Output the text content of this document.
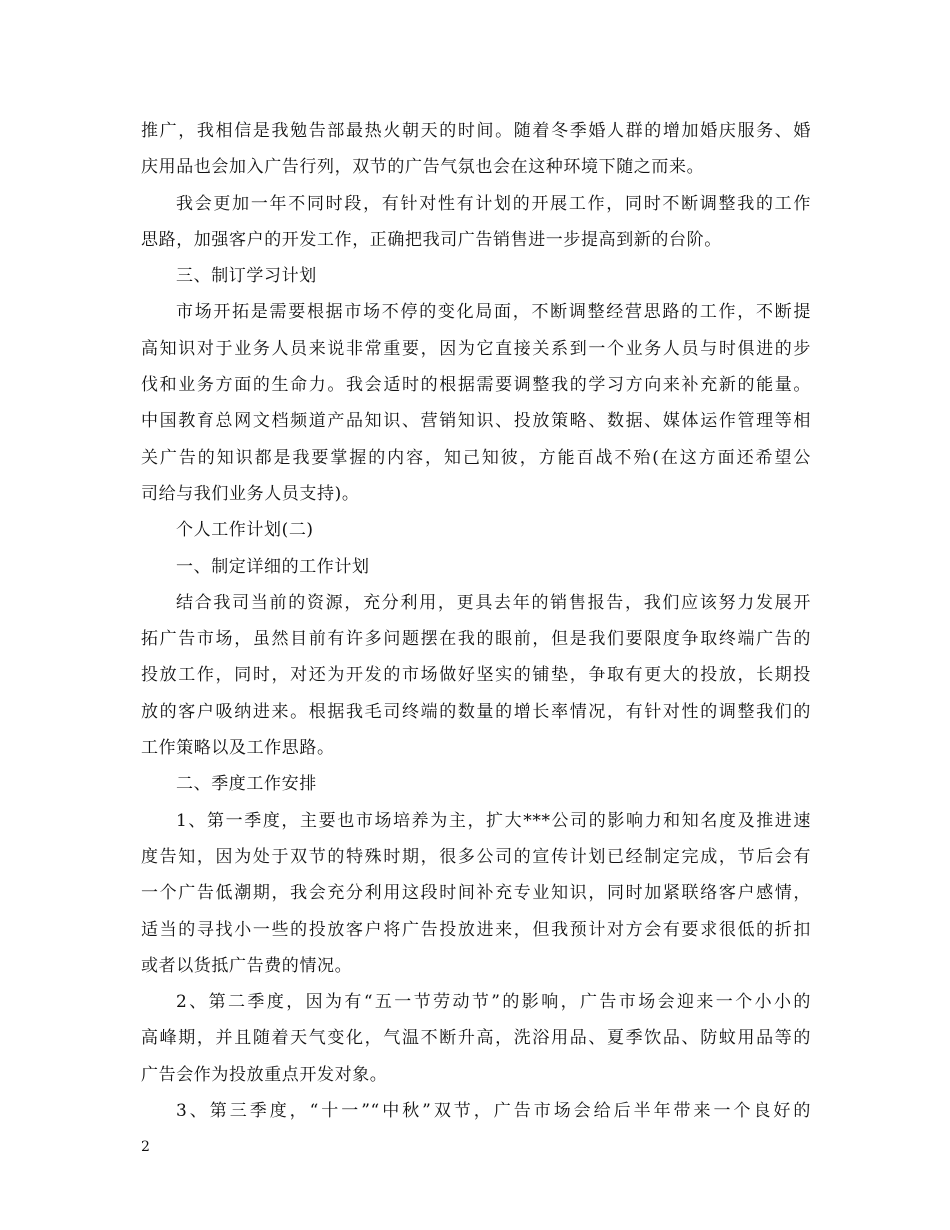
推广，我相信是我勉告部最热火朝天的时间。随着冬季婚人群的增加婚庆服务、婚
庆用品也会加入广告行列，双节的广告气氛也会在这种环境下随之而来。
我会更加一年不同时段，有针对性有计划的开展工作，同时不断调整我的工作
思路，加强客户的开发工作，正确把我司广告销售进一步提高到新的台阶。
三、制订学习计划
市场开拓是需要根据市场不停的变化局面，不断调整经营思路的工作，不断提
高知识对于业务人员来说非常重要，因为它直接关系到一个业务人员与时俱进的步
伐和业务方面的生命力。我会适时的根据需要调整我的学习方向来补充新的能量。
中国教育总网文档频道产品知识、营销知识、投放策略、数据、媒体运作管理等相
关广告的知识都是我要掌握的内容，知己知彼，方能百战不殆(在这方面还希望公
司给与我们业务人员支持)。
个人工作计划(二)
一、制定详细的工作计划
结合我司当前的资源，充分利用，更具去年的销售报告，我们应该努力发展开
拓广告市场，虽然目前有许多问题摆在我的眼前，但是我们要限度争取终端广告的
投放工作，同时，对还为开发的市场做好坚实的铺垫，争取有更大的投放，长期投
放的客户吸纳进来。根据我毛司终端的数量的增长率情况，有针对性的调整我们的
工作策略以及工作思路。
二、季度工作安排
1、第一季度，主要也市场培养为主，扩大***公司的影响力和知名度及推进速
度告知，因为处于双节的特殊时期，很多公司的宣传计划已经制定完成，节后会有
一个广告低潮期，我会充分利用这段时间补充专业知识，同时加紧联络客户感情，
适当的寻找小一些的投放客户将广告投放进来，但我预计对方会有要求很低的折扣
或者以货抵广告费的情况。
2、第二季度，因为有“五一节劳动节”的影响，广告市场会迎来一个小小的
高峰期，并且随着天气变化，气温不断升高，洗浴用品、夏季饮品、防蚊用品等的
广告会作为投放重点开发对象。
3、第三季度，“十一”“中秋”双节，广告市场会给后半年带来一个良好的
2
